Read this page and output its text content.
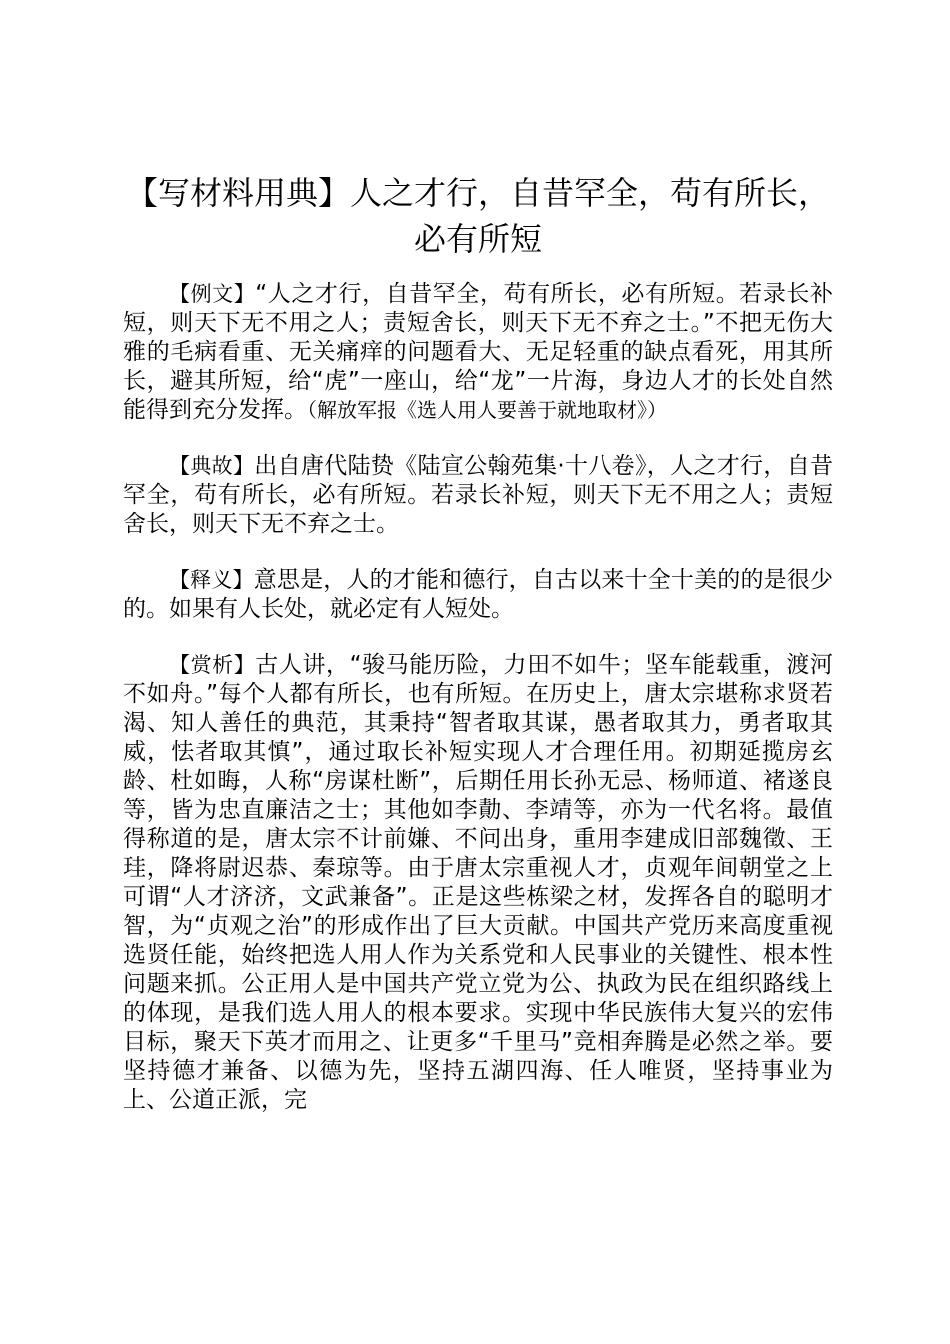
【写材料用典】人之才行，自昔罕全，苟有所长，必有所短

【例文】“人之才行，自昔罕全，苟有所长，必有所短。若录长补短，则天下无不用之人；责短舍长，则天下无不弃之士。”不把无伤大雅的毛病看重、无关痛痒的问题看大、无足轻重的缺点看死，用其所长，避其所短，给“虎”一座山，给“龙”一片海，身边人才的长处自然能得到充分发挥。（解放军报《选人用人要善于就地取材》）

【典故】出自唐代陆贽《陆宣公翰苑集·十八卷》，人之才行，自昔罕全，苟有所长，必有所短。若录长补短，则天下无不用之人；责短舍长，则天下无不弃之士。

【释义】意思是，人的才能和德行，自古以来十全十美的的是很少的。如果有人长处，就必定有人短处。

【赏析】古人讲，“骏马能历险，力田不如牛；坚车能载重，渡河不如舟。”每个人都有所长，也有所短。在历史上，唐太宗堪称求贤若渴、知人善任的典范，其秉持“智者取其谋，愚者取其力，勇者取其威，怯者取其慎”，通过取长补短实现人才合理任用。初期延揽房玄龄、杜如晦，人称“房谋杜断”，后期任用长孙无忌、杨师道、褚遂良等，皆为忠直廉洁之士；其他如李勣、李靖等，亦为一代名将。最值得称道的是，唐太宗不计前嫌、不问出身，重用李建成旧部魏徵、王珪，降将尉迟恭、秦琼等。由于唐太宗重视人才，贞观年间朝堂之上可谓“人才济济，文武兼备”。正是这些栋梁之材，发挥各自的聪明才智，为“贞观之治”的形成作出了巨大贡献。中国共产党历来高度重视选贤任能，始终把选人用人作为关系党和人民事业的关键性、根本性问题来抓。公正用人是中国共产党立党为公、执政为民在组织路线上的体现，是我们选人用人的根本要求。实现中华民族伟大复兴的宏伟目标，聚天下英才而用之、让更多“千里马”竞相奔腾是必然之举。要坚持德才兼备、以德为先，坚持五湖四海、任人唯贤，坚持事业为上、公道正派，完
